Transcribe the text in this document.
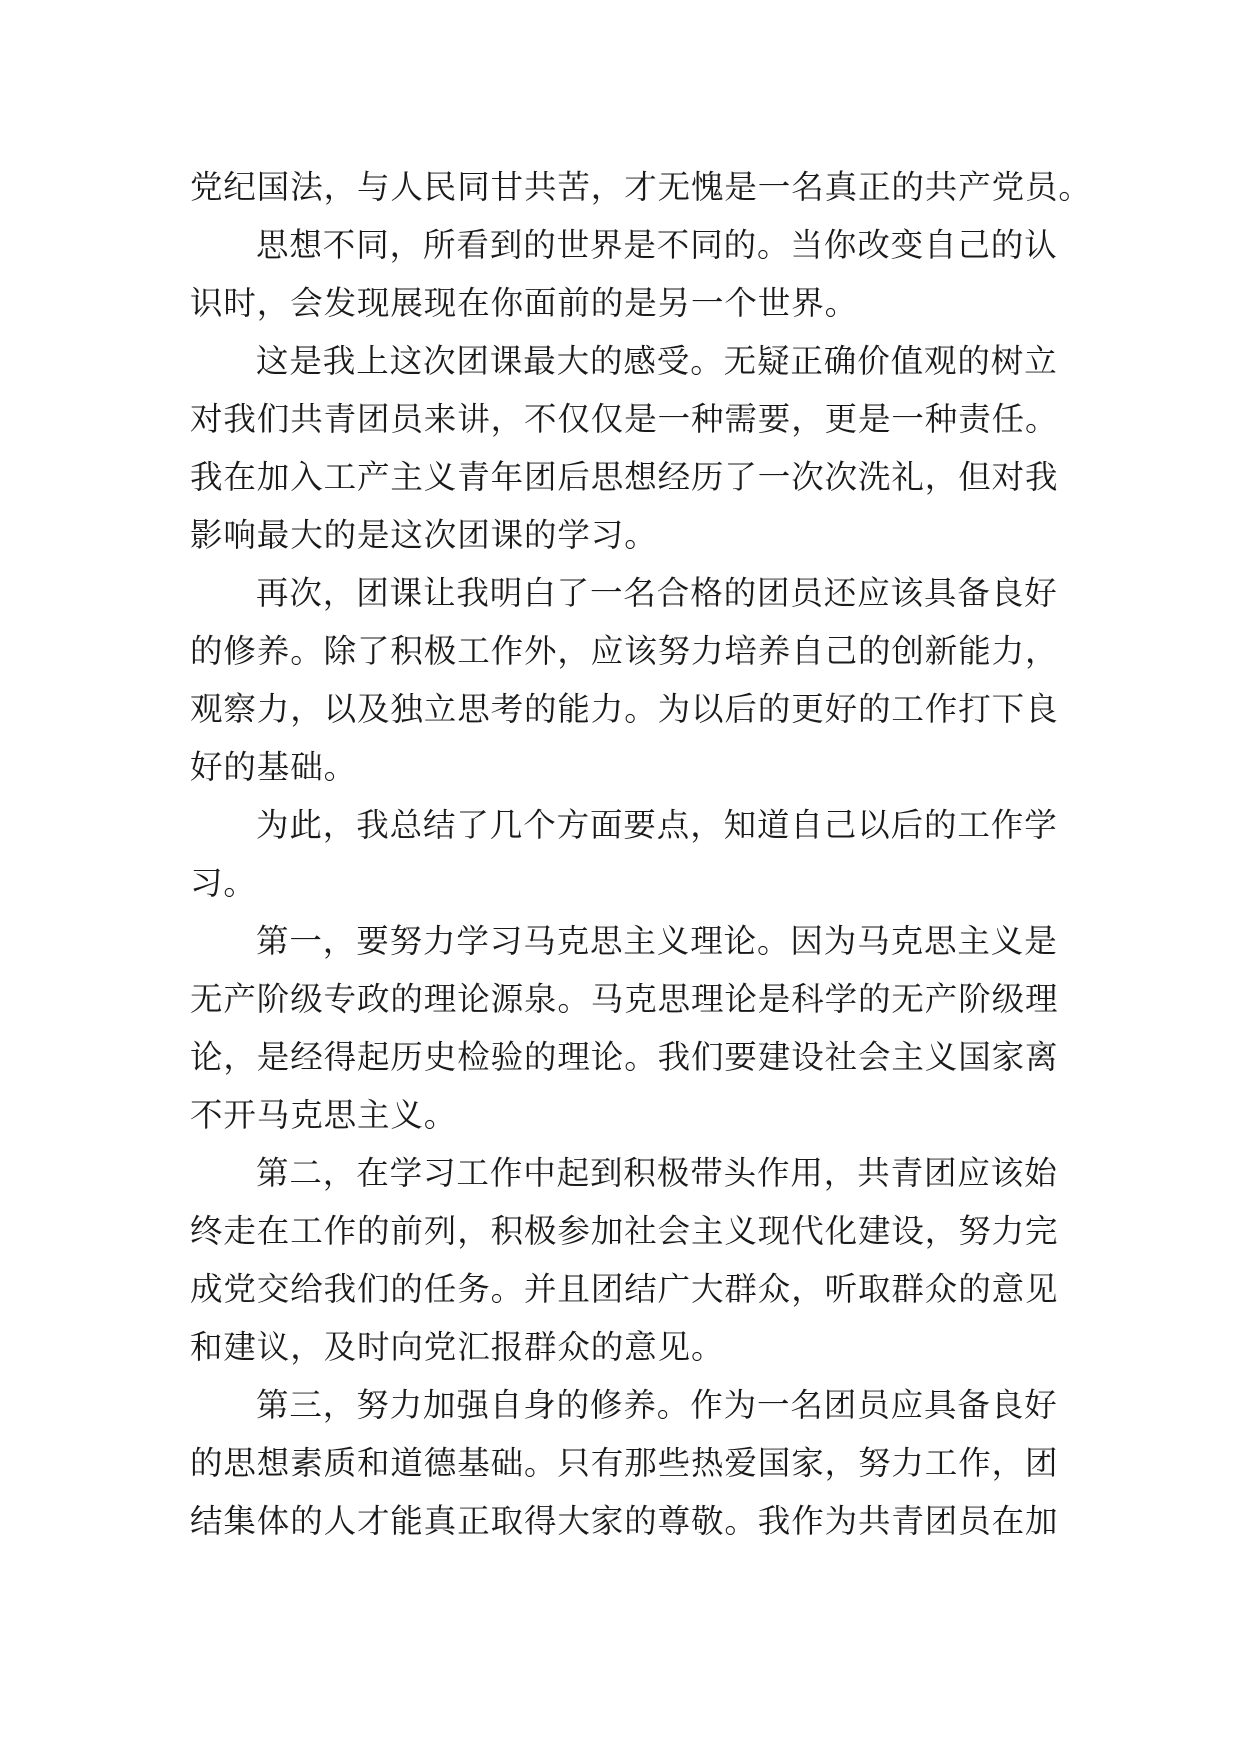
党纪国法，与人民同甘共苦，才无愧是一名真正的共产党员。
思想不同，所看到的世界是不同的。当你改变自己的认
识时，会发现展现在你面前的是另一个世界。
这是我上这次团课最大的感受。无疑正确价值观的树立
对我们共青团员来讲，不仅仅是一种需要，更是一种责任。
我在加入工产主义青年团后思想经历了一次次洗礼，但对我
影响最大的是这次团课的学习。
再次，团课让我明白了一名合格的团员还应该具备良好
的修养。除了积极工作外，应该努力培养自己的创新能力，
观察力，以及独立思考的能力。为以后的更好的工作打下良
好的基础。
为此，我总结了几个方面要点，知道自己以后的工作学
习。
第一，要努力学习马克思主义理论。因为马克思主义是
无产阶级专政的理论源泉。马克思理论是科学的无产阶级理
论，是经得起历史检验的理论。我们要建设社会主义国家离
不开马克思主义。
第二，在学习工作中起到积极带头作用，共青团应该始
终走在工作的前列，积极参加社会主义现代化建设，努力完
成党交给我们的任务。并且团结广大群众，听取群众的意见
和建议，及时向党汇报群众的意见。
第三，努力加强自身的修养。作为一名团员应具备良好
的思想素质和道德基础。只有那些热爱国家，努力工作，团
结集体的人才能真正取得大家的尊敬。我作为共青团员在加
